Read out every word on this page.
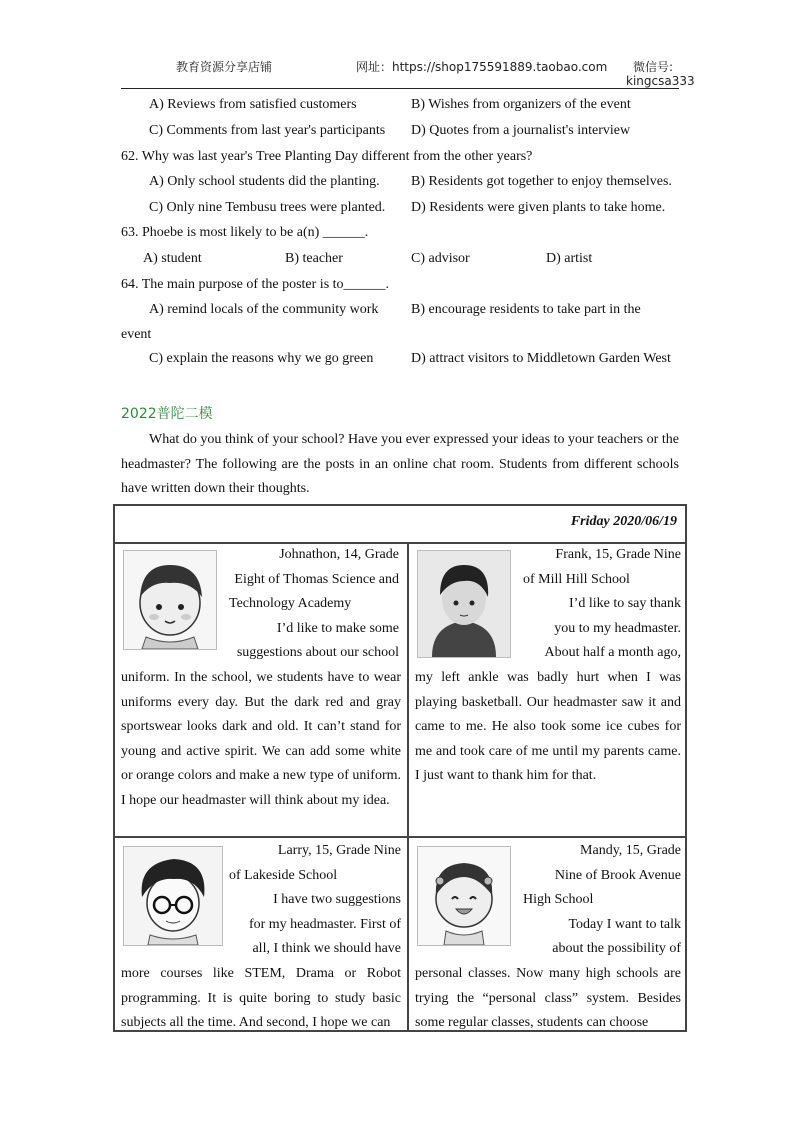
教育资源分享店铺	网址：https://shop175591889.taobao.com 微信号:
kingcsa333
A) Reviews from satisfied customers	B) Wishes from organizers of the event
C) Comments from last year's participants D) Quotes from a journalist's interview
62. Why was last year's Tree Planting Day different from the other years?
A) Only school students did the planting. B) Residents got together to enjoy themselves.
C) Only nine Tembusu trees were planted. D) Residents were given plants to take home.
63. Phoebe is most likely to be a(n) ______.
A) student	B) teacher	C) advisor	D) artist
64. The main purpose of the poster is to______.
A) remind locals of the community work B) encourage residents to take part in the
event
C) explain the reasons why we go green	D) attract visitors to Middletown Garden West
2022普陀二模
What do you think of your school? Have you ever expressed your ideas to your teachers or the headmaster? The following are the posts in an online chat room. Students from different schools have written down their thoughts.
Friday 2020/06/19
Johnathon, 14, Grade
Eight of Thomas Science and
Technology Academy
I’d like to make some
suggestions about our school
uniform. In the school, we students have to wear uniforms every day. But the dark red and gray sportswear looks dark and old. It can’t stand for young and active spirit. We can add some white or orange colors and make a new type of uniform. I hope our headmaster will think about my idea.
Frank, 15, Grade Nine
of Mill Hill School
I’d like to say thank
you to my headmaster.
About half a month ago,
my left ankle was badly hurt when I was playing basketball. Our headmaster saw it and came to me. He also took some ice cubes for me and took care of me until my parents came. I just want to thank him for that.
Larry, 15, Grade Nine
of Lakeside School
I have two suggestions
for my headmaster. First of
all, I think we should have
more courses like STEM, Drama or Robot programming. It is quite boring to study basic subjects all the time. And second, I hope we can
Mandy, 15, Grade
Nine of Brook Avenue
High School
Today I want to talk
about the possibility of
personal classes. Now many high schools are trying the “personal class” system. Besides some regular classes, students can choose
